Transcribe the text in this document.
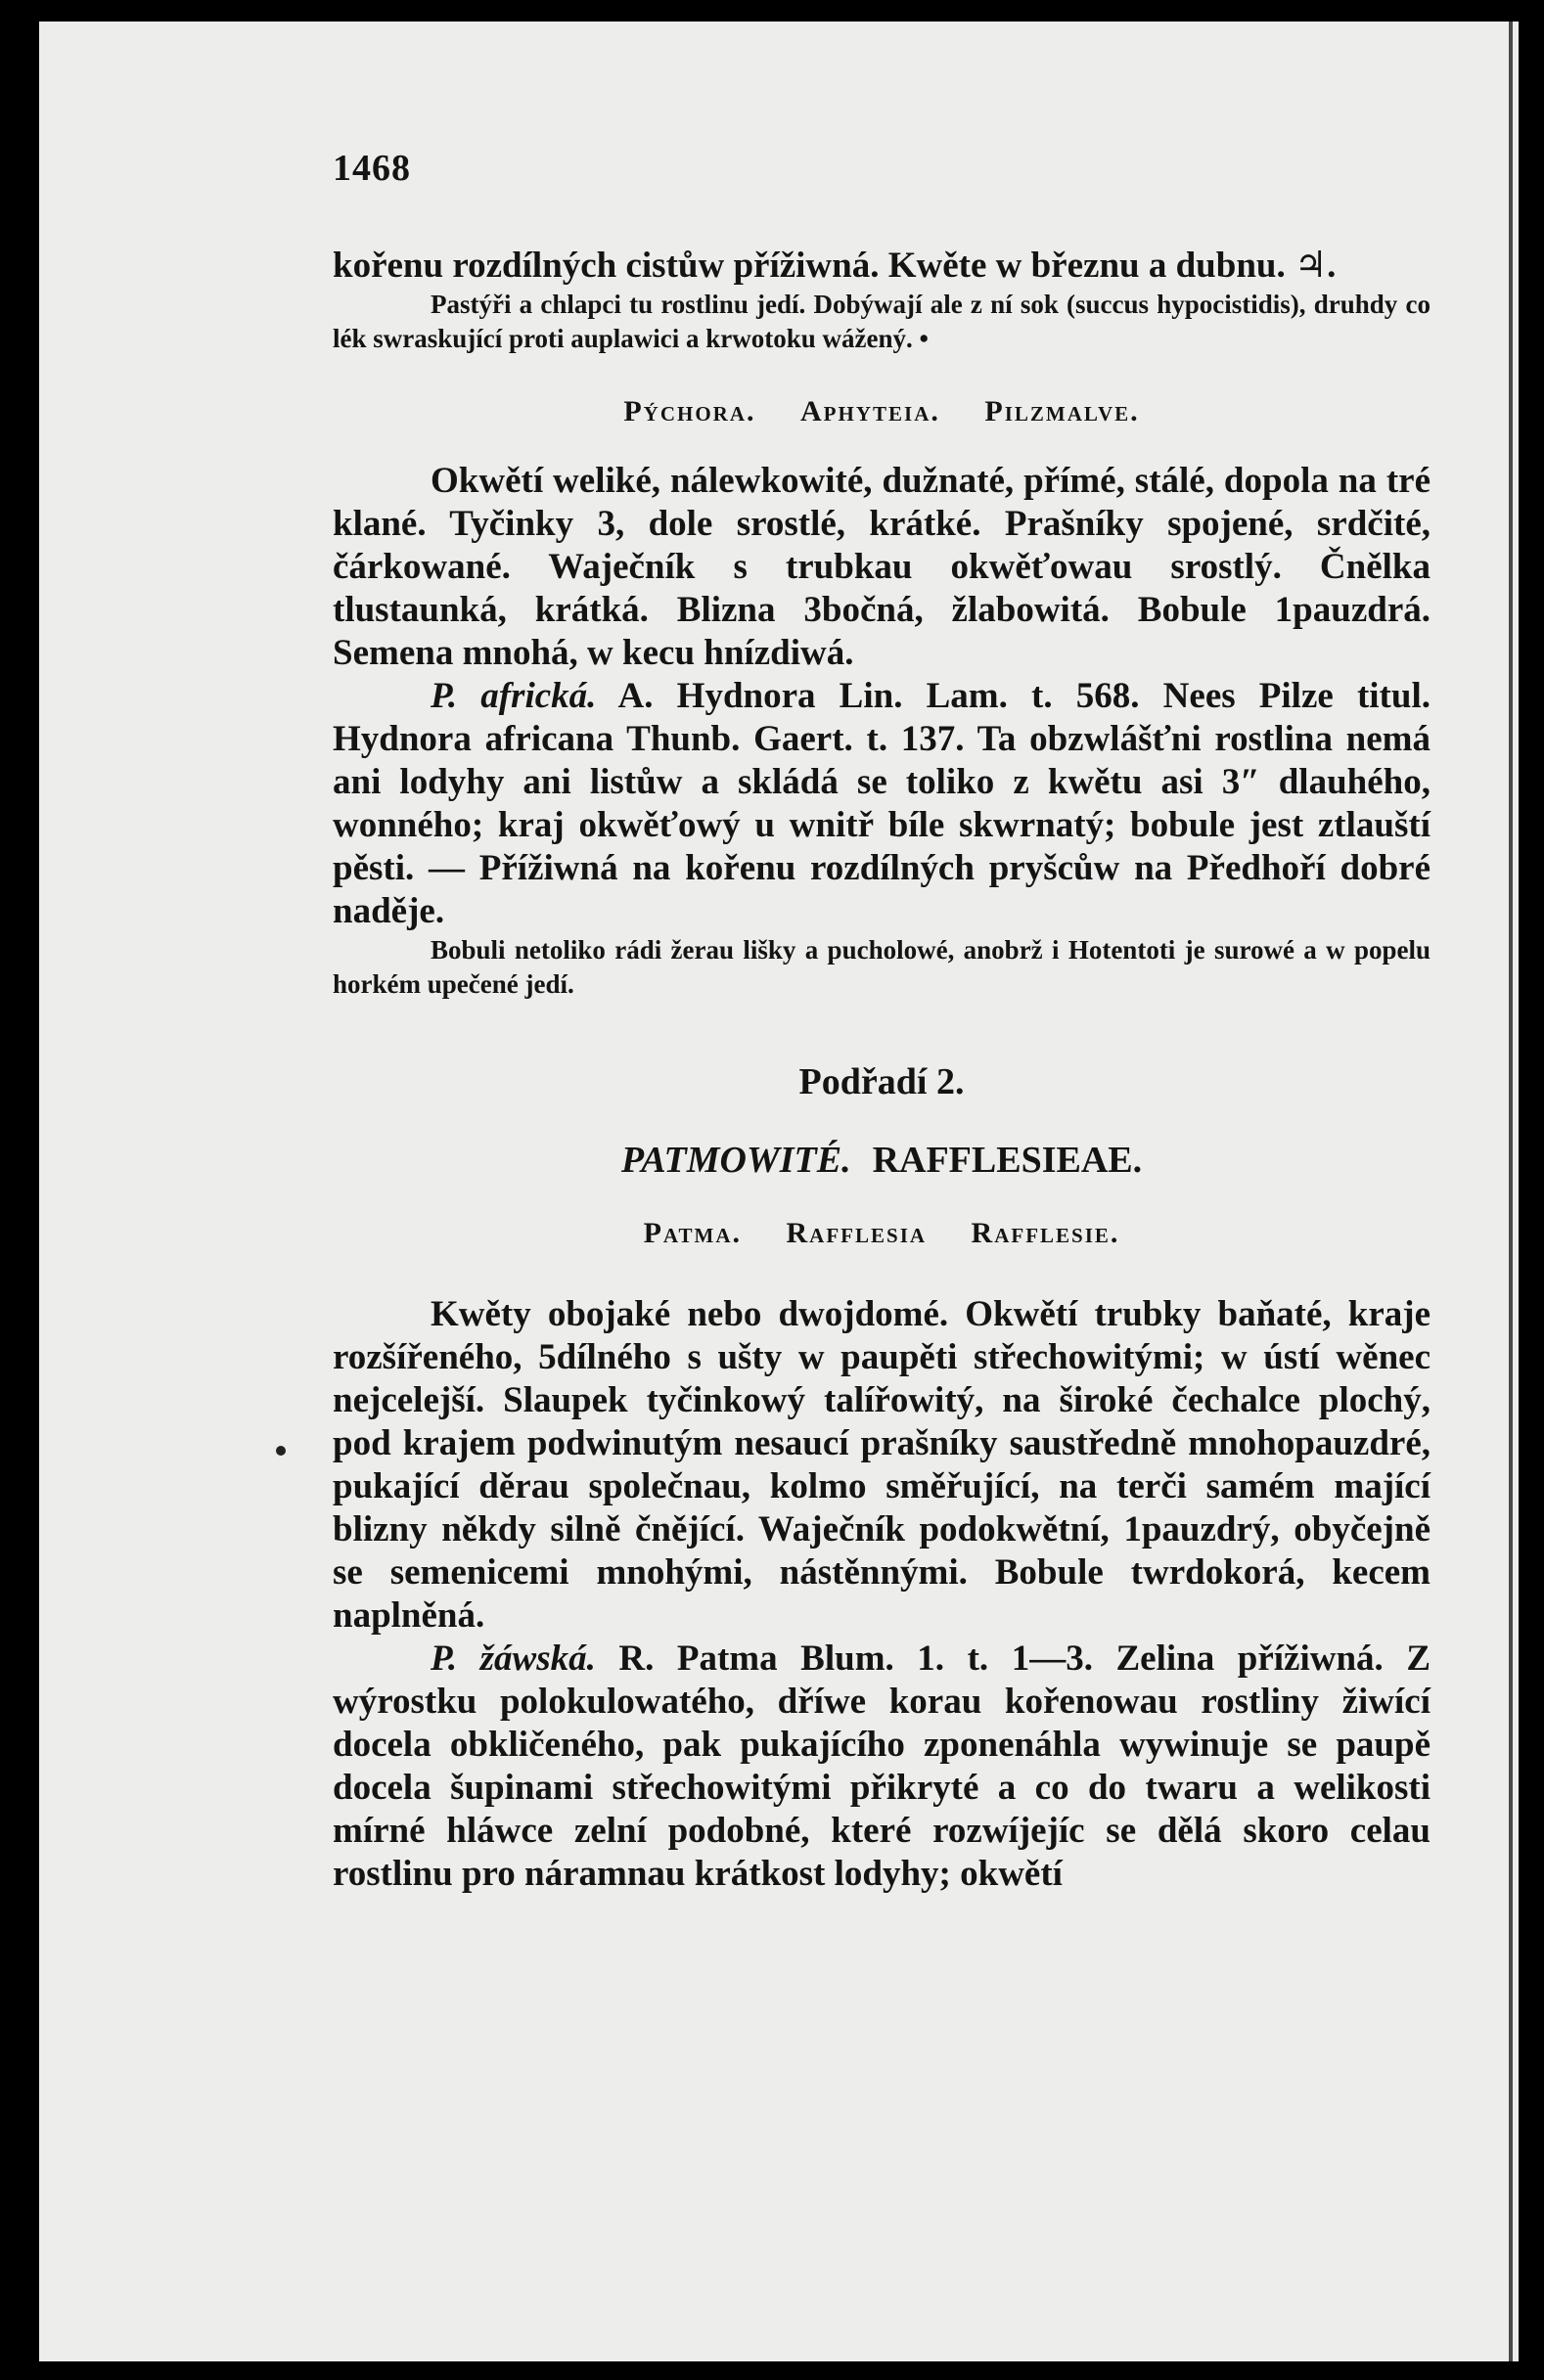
1468

kořenu rozdílných cistůw přížiwná. Kwěte w březnu a dubnu. ♃.

Pastýři a chlapci tu rostlinu jedí. Dobýwají ale z ní sok (succus hypocistidis), druhdy co lék swraskující proti auplawici a krwotoku wážený. •

Pýchora. Aphyteia. Pilzmalve.

Okwětí weliké, nálewkowité, dužnaté, přímé, stálé, dopola na tré klané. Tyčinky 3, dole srostlé, krátké. Prašníky spojené, srdčité, čárkowané. Waječník s trubkau okwěťowau srostlý. Čnělka tlustaunká, krátká. Blizna 3bočná, žlabowitá. Bobule 1pauzdrá. Semena mnohá, w kecu hnízdiwá.

P. africká. A. Hydnora Lin. Lam. t. 568. Nees Pilze titul. Hydnora africana Thunb. Gaert. t. 137. Ta obzwlášťni rostlina nemá ani lodyhy ani listůw a skládá se toliko z kwětu asi 3″ dlauhého, wonného; kraj okwěťowý u wnitř bíle skwrnatý; bobule jest ztlauští pěsti. — Přížiwná na kořenu rozdílných pryšcůw na Předhoří dobré naděje.

Bobuli netoliko rádi žerau lišky a pucholowé, anobrž i Hotentoti je surowé a w popelu horkém upečené jedí.

Podřadí 2.
PATMOWITÉ. RAFFLESIEAE.
Patma. Rafflesia Rafflesie.

Kwěty obojaké nebo dwojdomé. Okwětí trubky baňaté, kraje rozšířeného, 5dílného s ušty w paupěti střechowitými; w ústí wěnec nejcelejší. Slaupek tyčinkowý talířowitý, na široké čechalce plochý, pod krajem podwinutým nesaucí prašníky saustředně mnohopauzdré, pukající děrau společnau, kolmo směřující, na terči samém mající blizny někdy silně čnějící. Waječník podokwětní, 1pauzdrý, obyčejně se semenicemi mnohými, nástěnnými. Bobule twrdokorá, kecem naplněná.

P. žáwská. R. Patma Blum. 1. t. 1—3. Zelina přížiwná. Z wýrostku polokulowatého, dříwe korau kořenowau rostliny žiwící docela obkličeného, pak pukajícího zponenáhla wywinuje se paupě docela šupinami střechowitými přikryté a co do twaru a welikosti mírné hláwce zelní podobné, které rozwíjejíc se dělá skoro celau rostlinu pro náramnau krátkost lodyhy; okwětí
